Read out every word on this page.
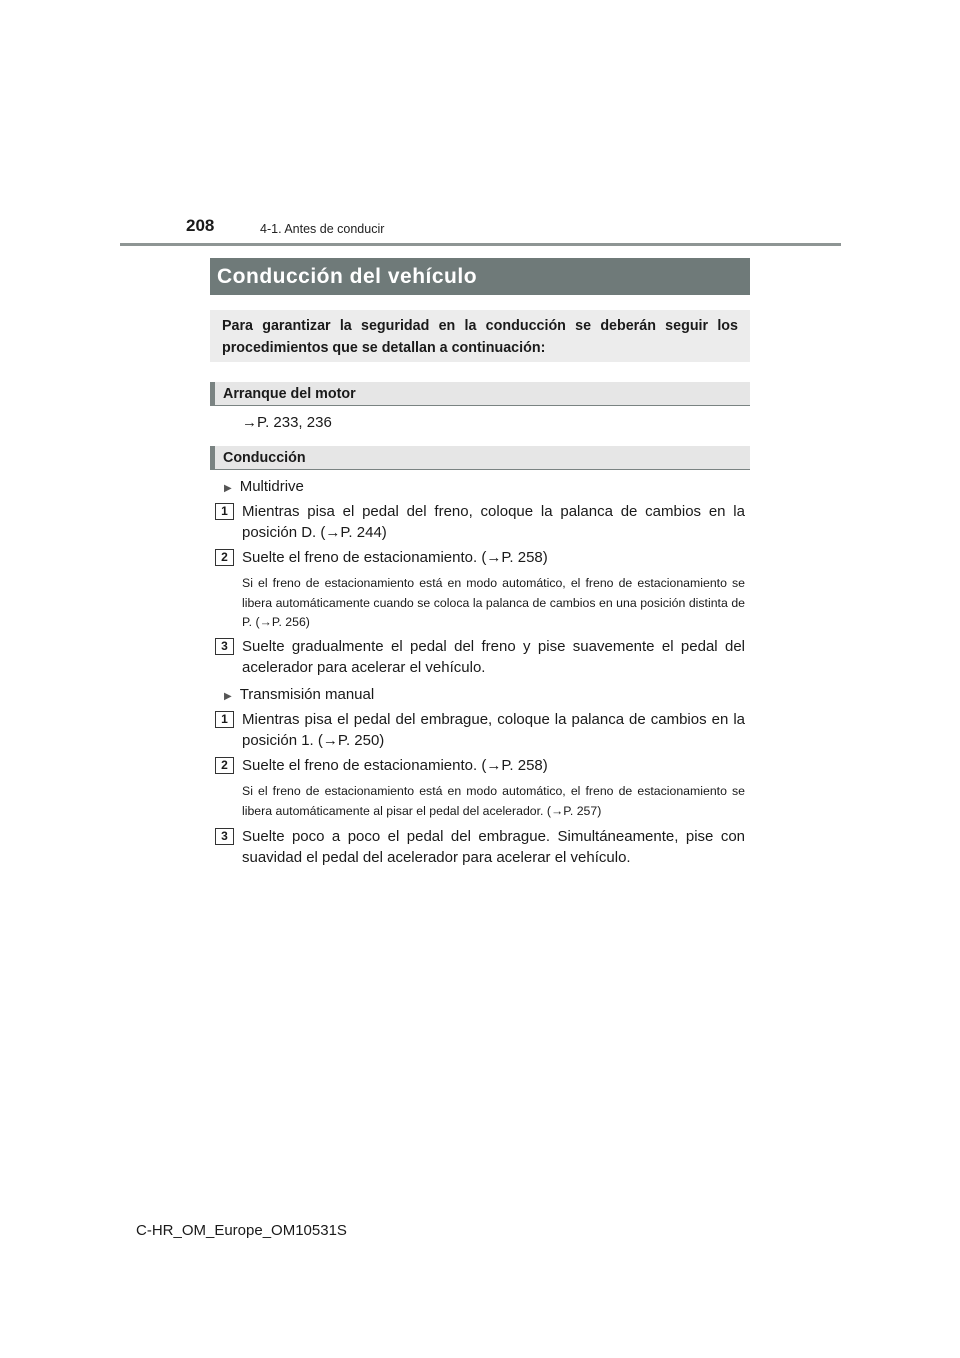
208	4-1. Antes de conducir
Conducción del vehículo
Para garantizar la seguridad en la conducción se deberán seguir los procedimientos que se detallan a continuación:
Arranque del motor
→P. 233, 236
Conducción
▶ Multidrive
1 Mientras pisa el pedal del freno, coloque la palanca de cambios en la posición D. (→P. 244)
2 Suelte el freno de estacionamiento. (→P. 258)
Si el freno de estacionamiento está en modo automático, el freno de estacionamiento se libera automáticamente cuando se coloca la palanca de cambios en una posición distinta de P. (→P. 256)
3 Suelte gradualmente el pedal del freno y pise suavemente el pedal del acelerador para acelerar el vehículo.
▶ Transmisión manual
1 Mientras pisa el pedal del embrague, coloque la palanca de cambios en la posición 1. (→P. 250)
2 Suelte el freno de estacionamiento. (→P. 258)
Si el freno de estacionamiento está en modo automático, el freno de estacionamiento se libera automáticamente al pisar el pedal del acelerador. (→P. 257)
3 Suelte poco a poco el pedal del embrague. Simultáneamente, pise con suavidad el pedal del acelerador para acelerar el vehículo.
C-HR_OM_Europe_OM10531S
